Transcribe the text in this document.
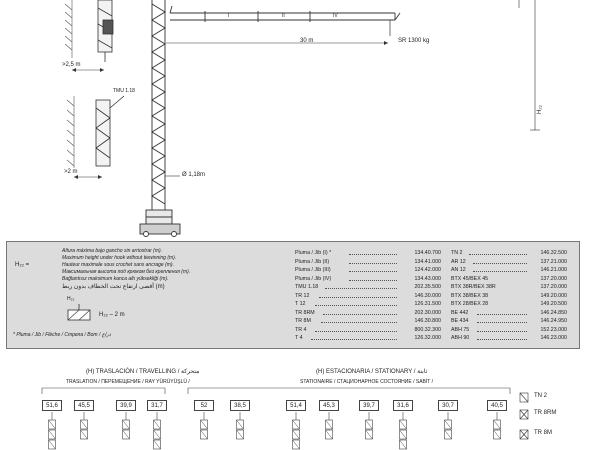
>2,5 m
TMU 1.18
>2 m	Ø 1,18m
I	II	IV
30 m	SR 1300 kg
H₂₂
H₂₂ =
Altura máxima bajo gancho sin arriostrar (m).
Maximum height under hook without tiewinning (m).
Hauteur maximale sous crochet sans ancrage (m).
Максимальная высота под крюком без крепления (m).
Bağlantısız maksimum kanca altı yüksekliği (m).
أقصى ارتفاع تحت الخطاف بدون ربط (m)
H₂₂
H₂₂ – 2 m
* Pluma / Jib / Flèche / Стрела / Bom / ذراع
Pluma / Jib (I) *	134.40.700
Pluma / Jib (II)	134.41.000
Pluma / Jib (III)	124.42.000
Pluma / Jib (IV)	134.43.000
TMU 1.18	202.35.500
TR 12	146.30.000
T 12	126.31.500
TR 8RM	202.30.000
TR 8M	146.30.800
TR 4	800.32.300
T 4	126.32.000
TN 2	146.32.500
AR 12	137.21.000
AN 12	146.21.000
BTX 45/BEX 45	137.20.000
BTX 38R/BEX 38R	137.20.000
BTX 38/BEX 38	149.20.000
BTX 28/BEX 28	149.20.500
BE 442	146.24.850
BE 434	146.24.950
ABH 75	152.23.000
ABH 90	146.23.000
(H) TRASLACIÓN / TRAVELLING / متحركة
TRASLATION / ПЕРЕМЕЩЕНИЕ / RAY YÜRÜYÜŞLÜ /
(H) ESTACIONARIA / STATIONARY / ثابتة
STATIONAIRE / СТАЦИОНАРНОЕ СОСТОЯНИЕ / SABİT /
51,6	45,5	39,9	31,7	52	38,5	51,4	45,3	39,7	31,6	30,7	40,5
TN 2
TR 8RM
TR 8M
